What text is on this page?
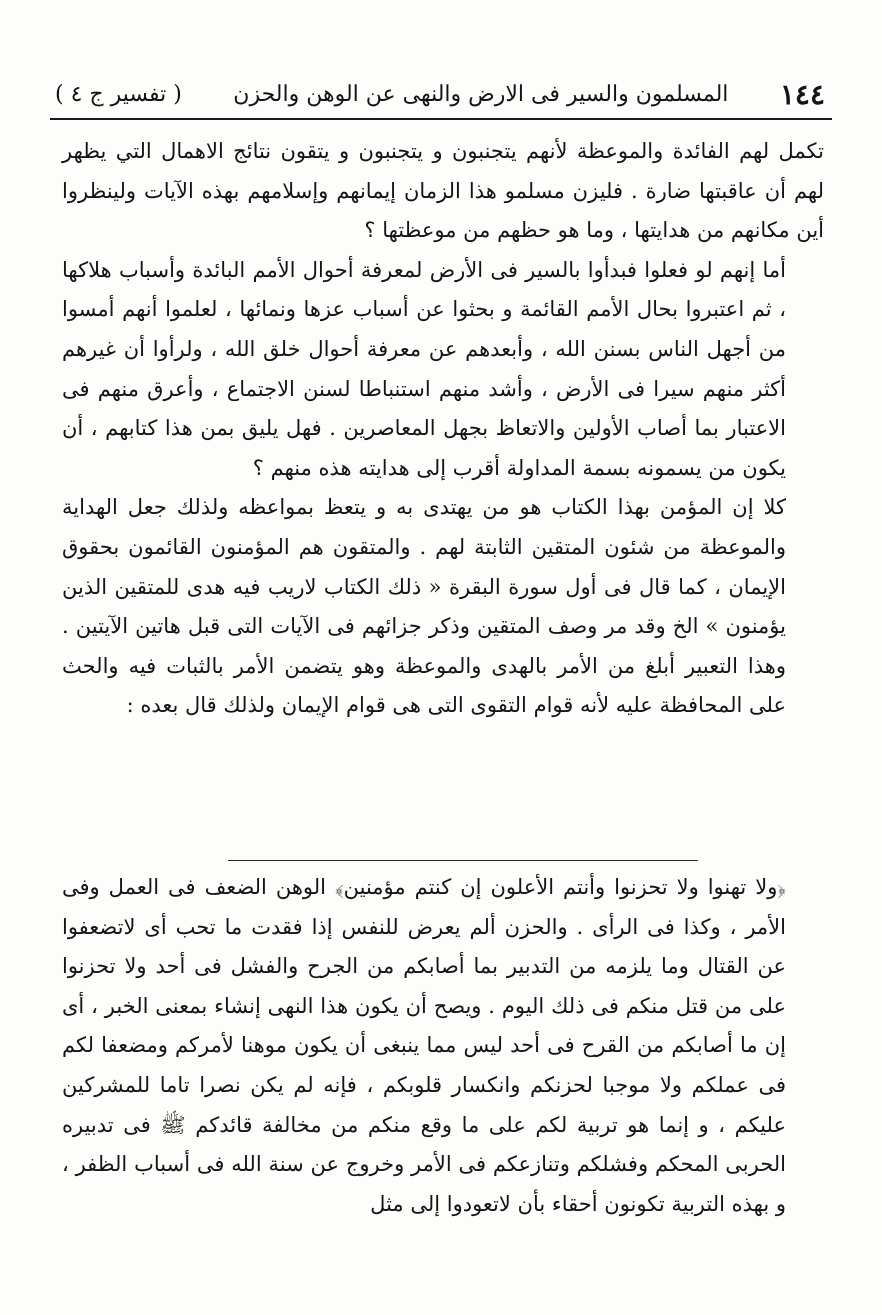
١٤٤
المسلمون والسير فى الارض والنهى عن الوهن والحزن
( تفسير ج ٤ )

تكمل لهم الفائدة والموعظة لأنهم يتجنبون و يتجنبون و يتقون نتائج الاهمال التي يظهر لهم أن عاقبتها ضارة . فليزن مسلمو هذا الزمان إيمانهم وإسلامهم بهذه الآيات ولينظروا أين مكانهم من هدايتها ، وما هو حظهم من موعظتها ؟

أما إنهم لو فعلوا فبدأوا بالسير فى الأرض لمعرفة أحوال الأمم البائدة وأسباب هلاكها ، ثم اعتبروا بحال الأمم القائمة و بحثوا عن أسباب عزها ونمائها ، لعلموا أنهم أمسوا من أجهل الناس بسنن الله ، وأبعدهم عن معرفة أحوال خلق الله ، ولرأوا أن غيرهم أكثر منهم سيرا فى الأرض ، وأشد منهم استنباطا لسنن الاجتماع ، وأعرق منهم فى الاعتبار بما أصاب الأولين والاتعاظ بجهل المعاصرين . فهل يليق بمن هذا كتابهم ، أن يكون من يسمونه بسمة المداولة أقرب إلى هدايته هذه منهم ؟

كلا إن المؤمن بهذا الكتاب هو من يهتدى به و يتعظ بمواعظه ولذلك جعل الهداية والموعظة من شئون المتقين الثابتة لهم . والمتقون هم المؤمنون القائمون بحقوق الإيمان ، كما قال فى أول سورة البقرة « ذلك الكتاب لاريب فيه هدى للمتقين الذين يؤمنون » الخ وقد مر وصف المتقين وذكر جزائهم فى الآيات التى قبل هاتين الآيتين . وهذا التعبير أبلغ من الأمر بالهدى والموعظة وهو يتضمن الأمر بالثبات فيه والحث على المحافظة عليه لأنه قوام التقوى التى هى قوام الإيمان ولذلك قال بعده :

﴿ولا تهنوا ولا تحزنوا وأنتم الأعلون إن كنتم مؤمنين﴾ الوهن الضعف فى العمل وفى الأمر ، وكذا فى الرأى . والحزن ألم يعرض للنفس إذا فقدت ما تحب أى لاتضعفوا عن القتال وما يلزمه من التدبير بما أصابكم من الجرح والفشل فى أحد ولا تحزنوا على من قتل منكم فى ذلك اليوم . ويصح أن يكون هذا النهى إنشاء بمعنى الخبر ، أى إن ما أصابكم من القرح فى أحد ليس مما ينبغى أن يكون موهنا لأمركم ومضعفا لكم فى عملكم ولا موجبا لحزنكم وانكسار قلوبكم ، فإنه لم يكن نصرا تاما للمشركين عليكم ، و إنما هو تربية لكم على ما وقع منكم من مخالفة قائدكم ﷺ فى تدبيره الحربى المحكم وفشلكم وتنازعكم فى الأمر وخروج عن سنة الله فى أسباب الظفر ، و بهذه التربية تكونون أحقاء بأن لاتعودوا إلى مثل
